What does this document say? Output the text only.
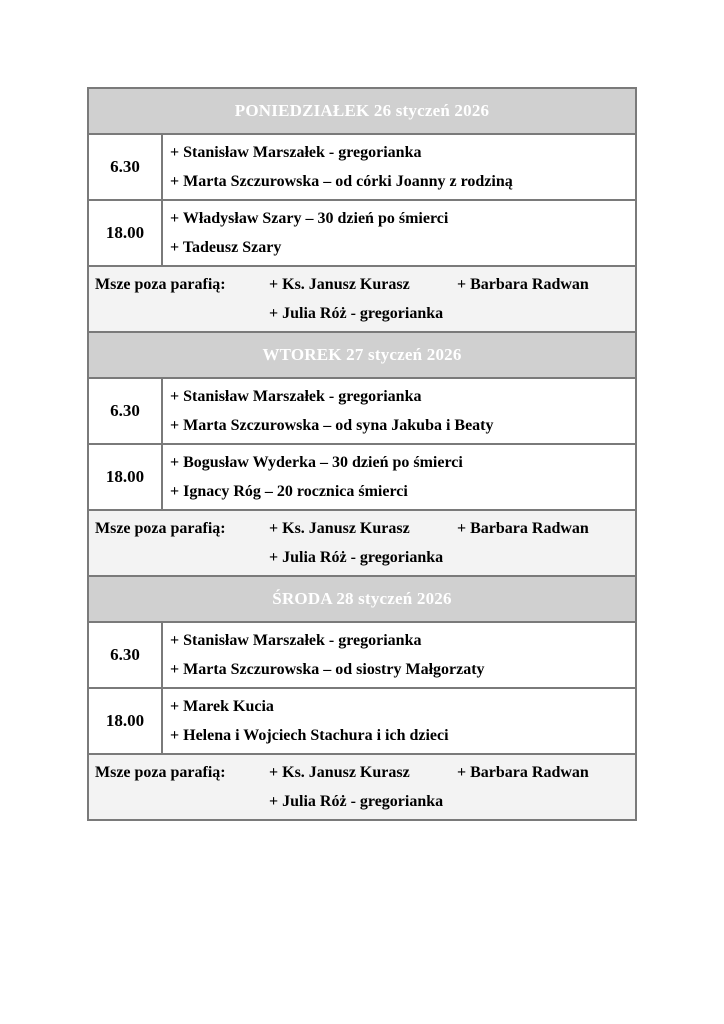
PONIEDZIAŁEK 26 styczeń 2026	
6.30	+ Stanisław Marszałek - gregorianka
+ Marta Szczurowska – od córki Joanny z rodziną

18.00	+ Władysław Szary – 30 dzień po śmierci
+ Tadeusz Szary

Msze poza parafią: + Ks. Janusz Kurasz + Barbara Radwan
+ Julia Róż - gregorianka	

WTOREK 27 styczeń 2026	
6.30	+ Stanisław Marszałek - gregorianka
+ Marta Szczurowska – od syna Jakuba i Beaty

18.00	+ Bogusław Wyderka – 30 dzień po śmierci
+ Ignacy Róg – 20 rocznica śmierci

Msze poza parafią: + Ks. Janusz Kurasz + Barbara Radwan
+ Julia Róż - gregorianka	

ŚRODA 28 styczeń 2026	
6.30	+ Stanisław Marszałek - gregorianka
+ Marta Szczurowska – od siostry Małgorzaty

18.00	+ Marek Kucia
+ Helena i Wojciech Stachura i ich dzieci

Msze poza parafią: + Ks. Janusz Kurasz + Barbara Radwan
+ Julia Róż - gregorianka	
